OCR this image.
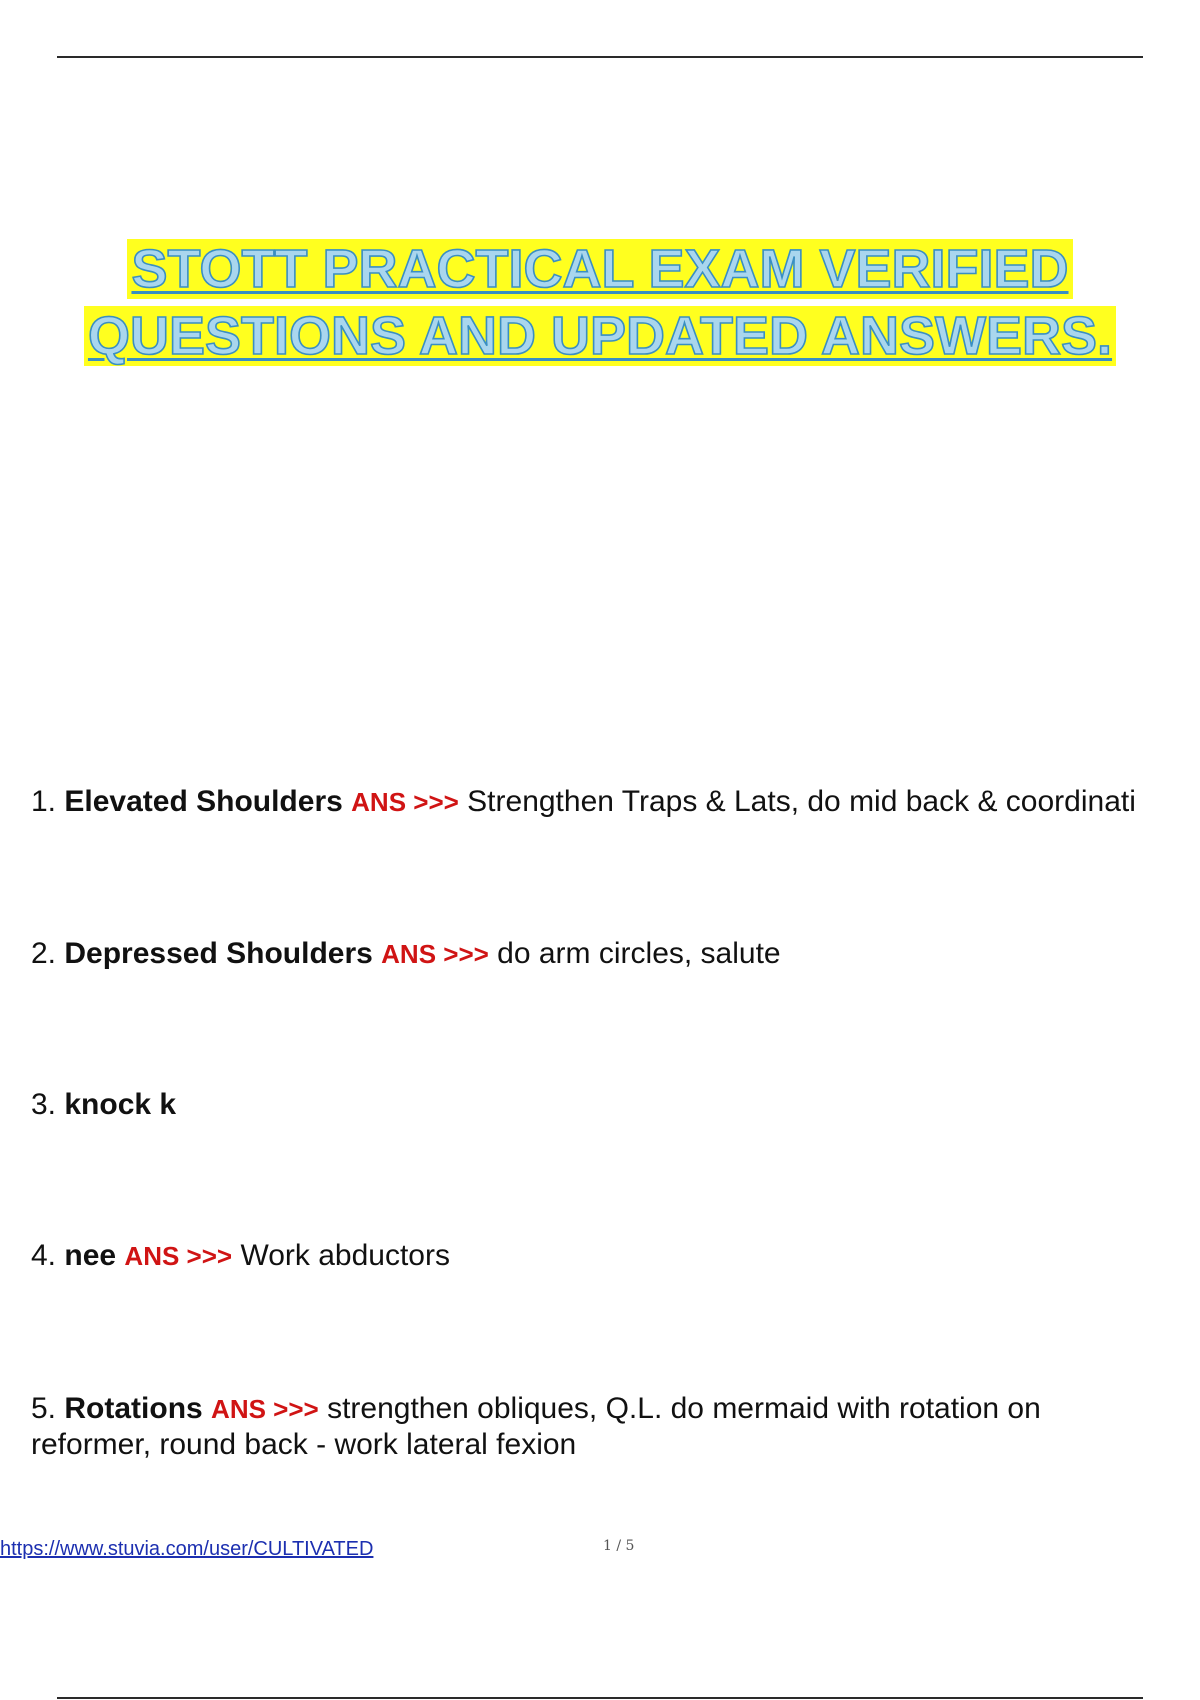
STOTT PRACTICAL EXAM VERIFIED
QUESTIONS AND UPDATED ANSWERS.
1. Elevated Shoulders ANS >>> Strengthen Traps & Lats, do mid back & coordinati
2. Depressed Shoulders ANS >>> do arm circles, salute
3. knock k
4. nee ANS >>> Work abductors
5. Rotations ANS >>> strengthen obliques, Q.L. do mermaid with rotation on reformer, round back - work lateral fexion
https://www.stuvia.com/user/CULTIVATED	1 / 5
